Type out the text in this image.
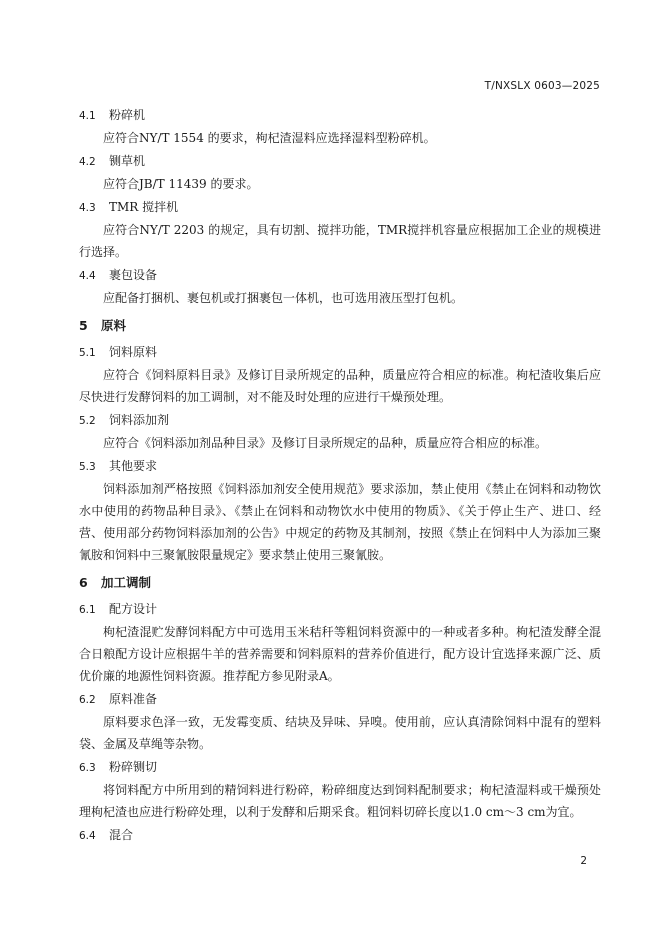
T/NXSLX 0603—2025
4.1 粉碎机
应符合NY/T 1554 的要求，枸杞渣湿料应选择湿料型粉碎机。
4.2 铡草机
应符合JB/T 11439 的要求。
4.3 TMR 搅拌机
应符合NY/T 2203 的规定，具有切割、搅拌功能，TMR搅拌机容量应根据加工企业的规模进行选择。
4.4 裹包设备
应配备打捆机、裹包机或打捆裹包一体机，也可选用液压型打包机。
5 原料
5.1 饲料原料
应符合《饲料原料目录》及修订目录所规定的品种，质量应符合相应的标准。枸杞渣收集后应尽快进行发酵饲料的加工调制，对不能及时处理的应进行干燥预处理。
5.2 饲料添加剂
应符合《饲料添加剂品种目录》及修订目录所规定的品种，质量应符合相应的标准。
5.3 其他要求
饲料添加剂严格按照《饲料添加剂安全使用规范》要求添加，禁止使用《禁止在饲料和动物饮水中使用的药物品种目录》、《禁止在饲料和动物饮水中使用的物质》、《关于停止生产、进口、经营、使用部分药物饲料添加剂的公告》中规定的药物及其制剂，按照《禁止在饲料中人为添加三聚氰胺和饲料中三聚氰胺限量规定》要求禁止使用三聚氰胺。
6 加工调制
6.1 配方设计
枸杞渣混贮发酵饲料配方中可选用玉米秸秆等粗饲料资源中的一种或者多种。枸杞渣发酵全混合日粮配方设计应根据牛羊的营养需要和饲料原料的营养价值进行，配方设计宜选择来源广泛、质优价廉的地源性饲料资源。推荐配方参见附录A。
6.2 原料准备
原料要求色泽一致，无发霉变质、结块及异味、异嗅。使用前，应认真清除饲料中混有的塑料袋、金属及草绳等杂物。
6.3 粉碎铡切
将饲料配方中所用到的精饲料进行粉碎，粉碎细度达到饲料配制要求；枸杞渣湿料或干燥预处理枸杞渣也应进行粉碎处理，以利于发酵和后期采食。粗饲料切碎长度以1.0 cm～3 cm为宜。
6.4 混合
2
